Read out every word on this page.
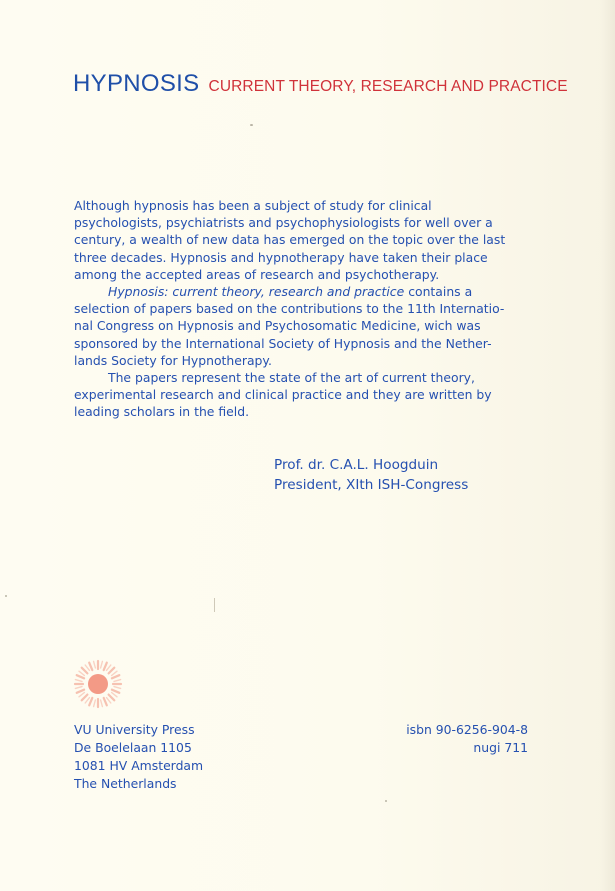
HYPNOSIS CURRENT THEORY, RESEARCH AND PRACTICE

Although hypnosis has been a subject of study for clinical
psychologists, psychiatrists and psychophysiologists for well over a
century, a wealth of new data has emerged on the topic over the last
three decades. Hypnosis and hypnotherapy have taken their place
among the accepted areas of research and psychotherapy.

Hypnosis: current theory, research and practice contains a
selection of papers based on the contributions to the 11th Internatio-
nal Congress on Hypnosis and Psychosomatic Medicine, wich was
sponsored by the International Society of Hypnosis and the Nether-
lands Society for Hypnotherapy.

The papers represent the state of the art of current theory,
experimental research and clinical practice and they are written by
leading scholars in the field.

Prof. dr. C.A.L. Hoogduin
President, XIth ISH-Congress
VU University Press
De Boelelaan 1105
1081 HV Amsterdam
The Netherlands
isbn 90-6256-904-8
nugi 711
